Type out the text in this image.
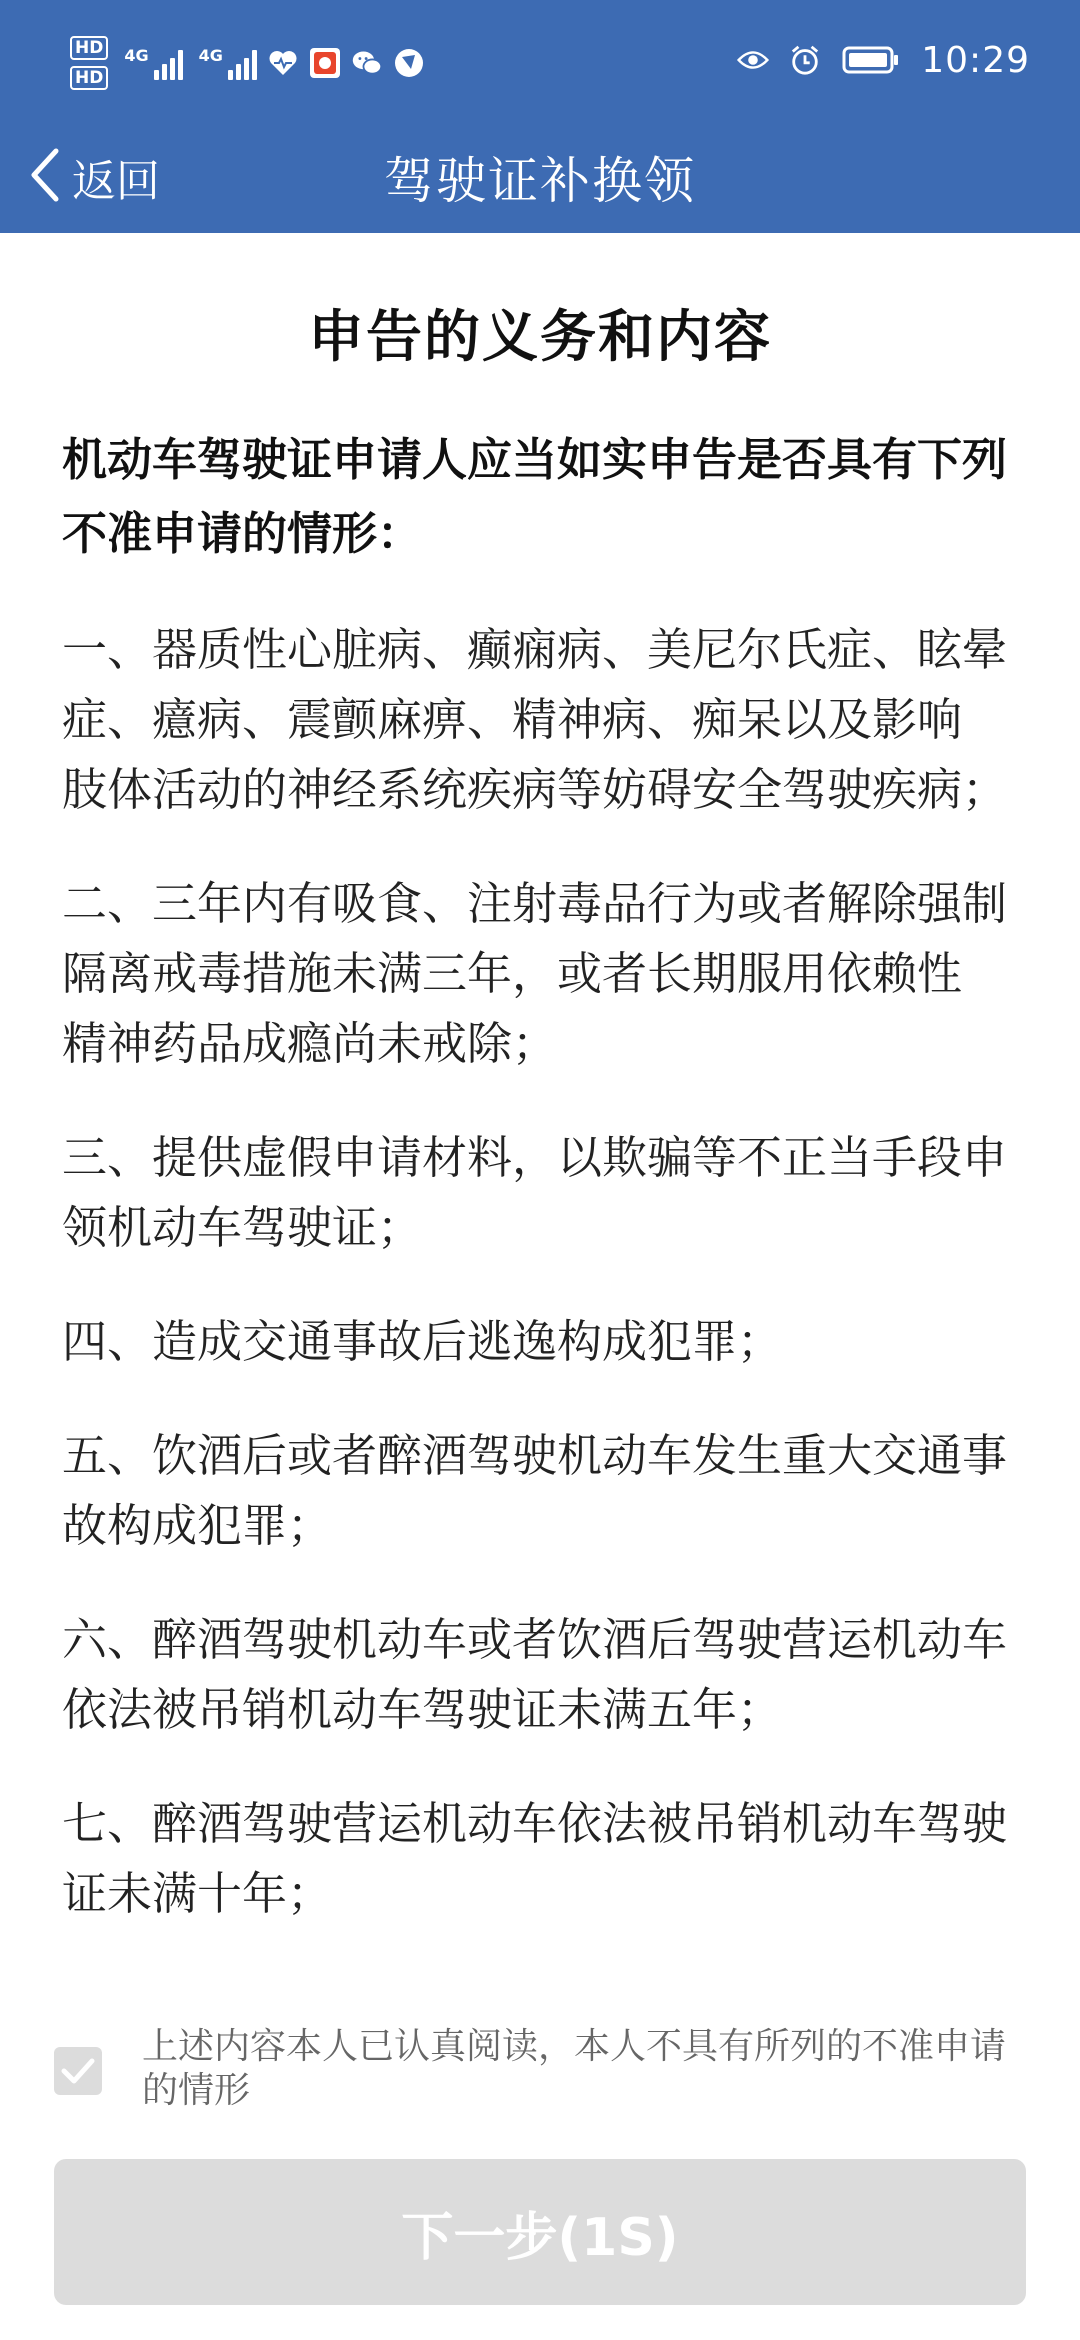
HD
HD
4G	4G	10:29
返回	驾驶证补换领
申告的义务和内容
机动车驾驶证申请人应当如实申告是否具有下列不准申请的情形：
一、器质性心脏病、癫痫病、美尼尔氏症、眩晕症、癔病、震颤麻痹、精神病、痴呆以及影响 肢体活动的神经系统疾病等妨碍安全驾驶疾病；
二、三年内有吸食、注射毒品行为或者解除强制隔离戒毒措施未满三年，或者长期服用依赖性 精神药品成瘾尚未戒除；
三、提供虚假申请材料，以欺骗等不正当手段申领机动车驾驶证；
四、造成交通事故后逃逸构成犯罪；
五、饮酒后或者醉酒驾驶机动车发生重大交通事故构成犯罪；
六、醉酒驾驶机动车或者饮酒后驾驶营运机动车依法被吊销机动车驾驶证未满五年；
七、醉酒驾驶营运机动车依法被吊销机动车驾驶证未满十年；
上述内容本人已认真阅读，本人不具有所列的不准申请的情形
下一步(1S)
